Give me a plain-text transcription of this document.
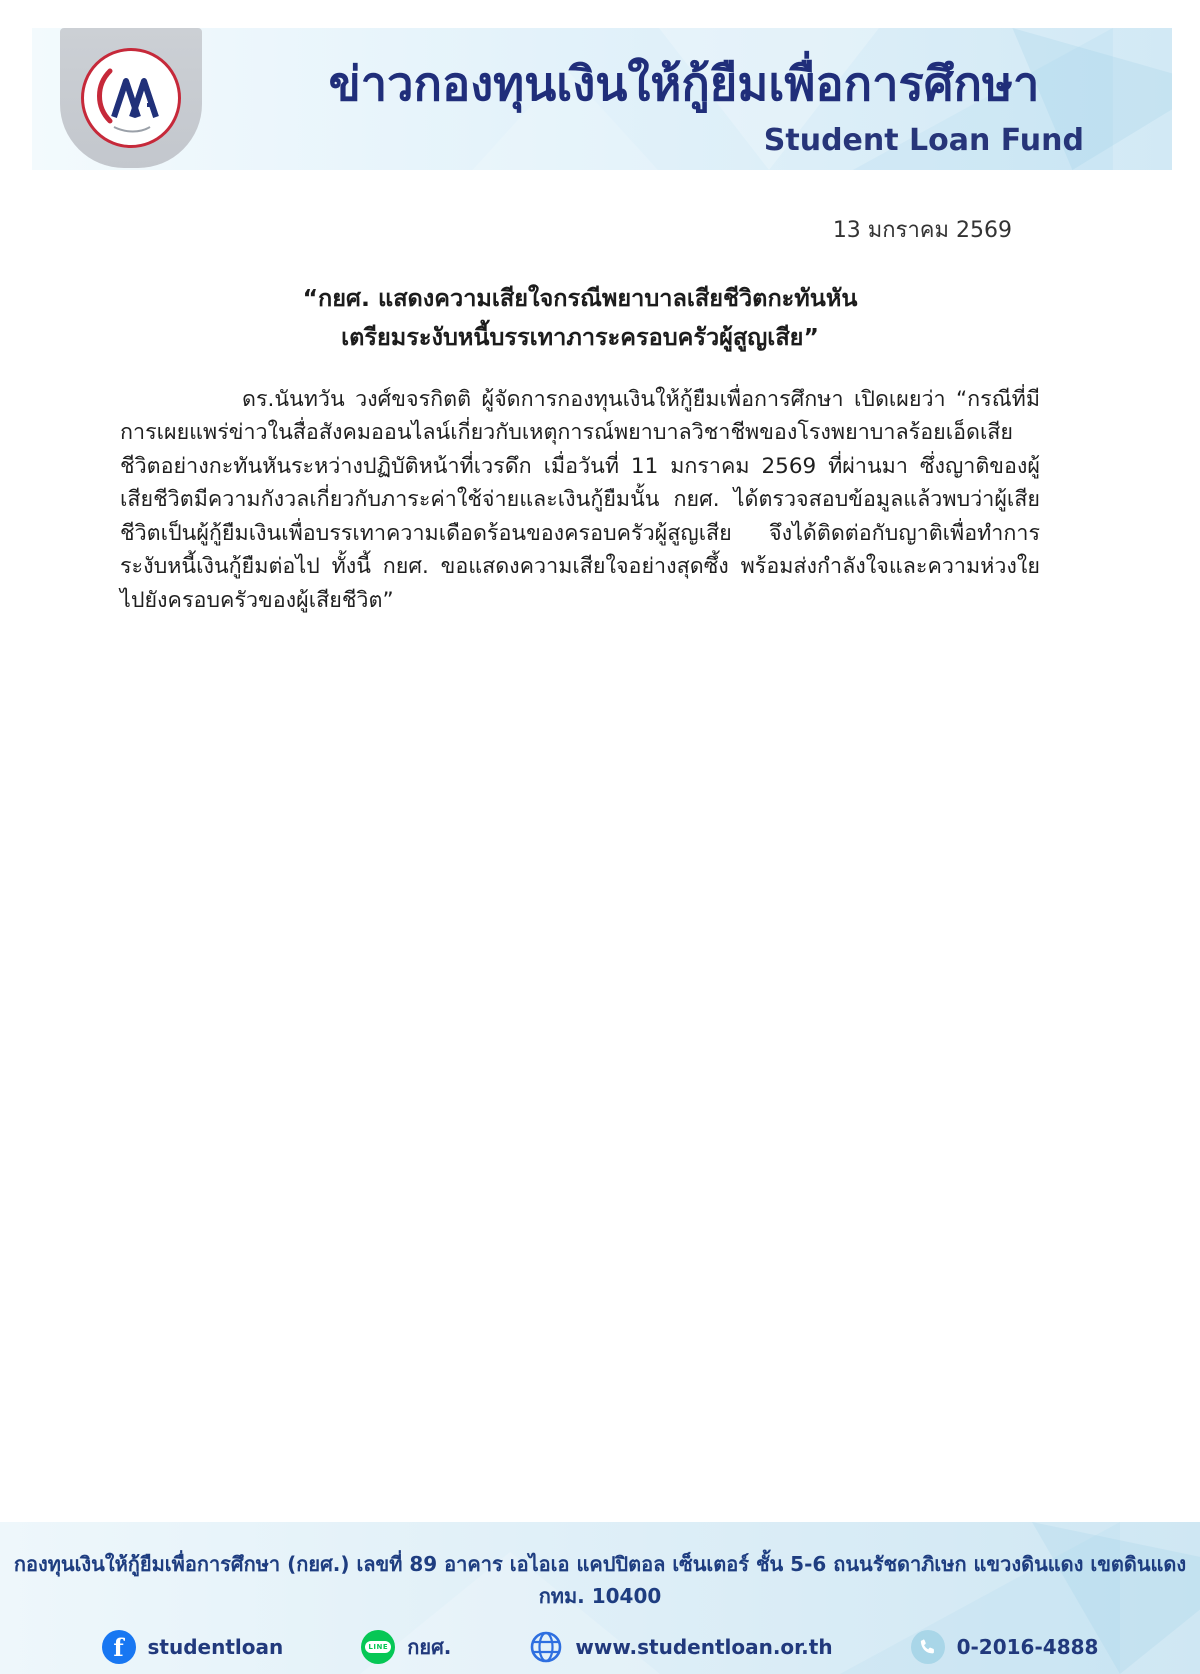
ข่าวกองทุนเงินให้กู้ยืมเพื่อการศึกษา
Student Loan Fund
13 มกราคม 2569
“กยศ. แสดงความเสียใจกรณีพยาบาลเสียชีวิตกะทันหัน
เตรียมระงับหนี้บรรเทาภาระครอบครัวผู้สูญเสีย”
ดร.นันทวัน วงศ์ขจรกิตติ ผู้จัดการกองทุนเงินให้กู้ยืมเพื่อการศึกษา เปิดเผยว่า “กรณีที่มีการเผยแพร่ข่าวในสื่อสังคมออนไลน์เกี่ยวกับเหตุการณ์พยาบาลวิชาชีพของโรงพยาบาลร้อยเอ็ดเสียชีวิตอย่างกะทันหันระหว่างปฏิบัติหน้าที่เวรดึก เมื่อวันที่ 11 มกราคม 2569 ที่ผ่านมา ซึ่งญาติของผู้เสียชีวิตมีความกังวลเกี่ยวกับภาระค่าใช้จ่ายและเงินกู้ยืมนั้น กยศ. ได้ตรวจสอบข้อมูลแล้วพบว่าผู้เสียชีวิตเป็นผู้กู้ยืมเงินเพื่อบรรเทาความเดือดร้อนของครอบครัวผู้สูญเสีย จึงได้ติดต่อกับญาติเพื่อทำการระงับหนี้เงินกู้ยืมต่อไป ทั้งนี้ กยศ. ขอแสดงความเสียใจอย่างสุดซึ้ง พร้อมส่งกำลังใจและความห่วงใยไปยังครอบครัวของผู้เสียชีวิต”
กองทุนเงินให้กู้ยืมเพื่อการศึกษา (กยศ.) เลขที่ 89 อาคาร เอไอเอ แคปปิตอล เซ็นเตอร์ ชั้น 5-6 ถนนรัชดาภิเษก แขวงดินแดง เขตดินแดง กทม. 10400
f	studentloan	LINE กยศ.	www.studentloan.or.th	0-2016-4888
